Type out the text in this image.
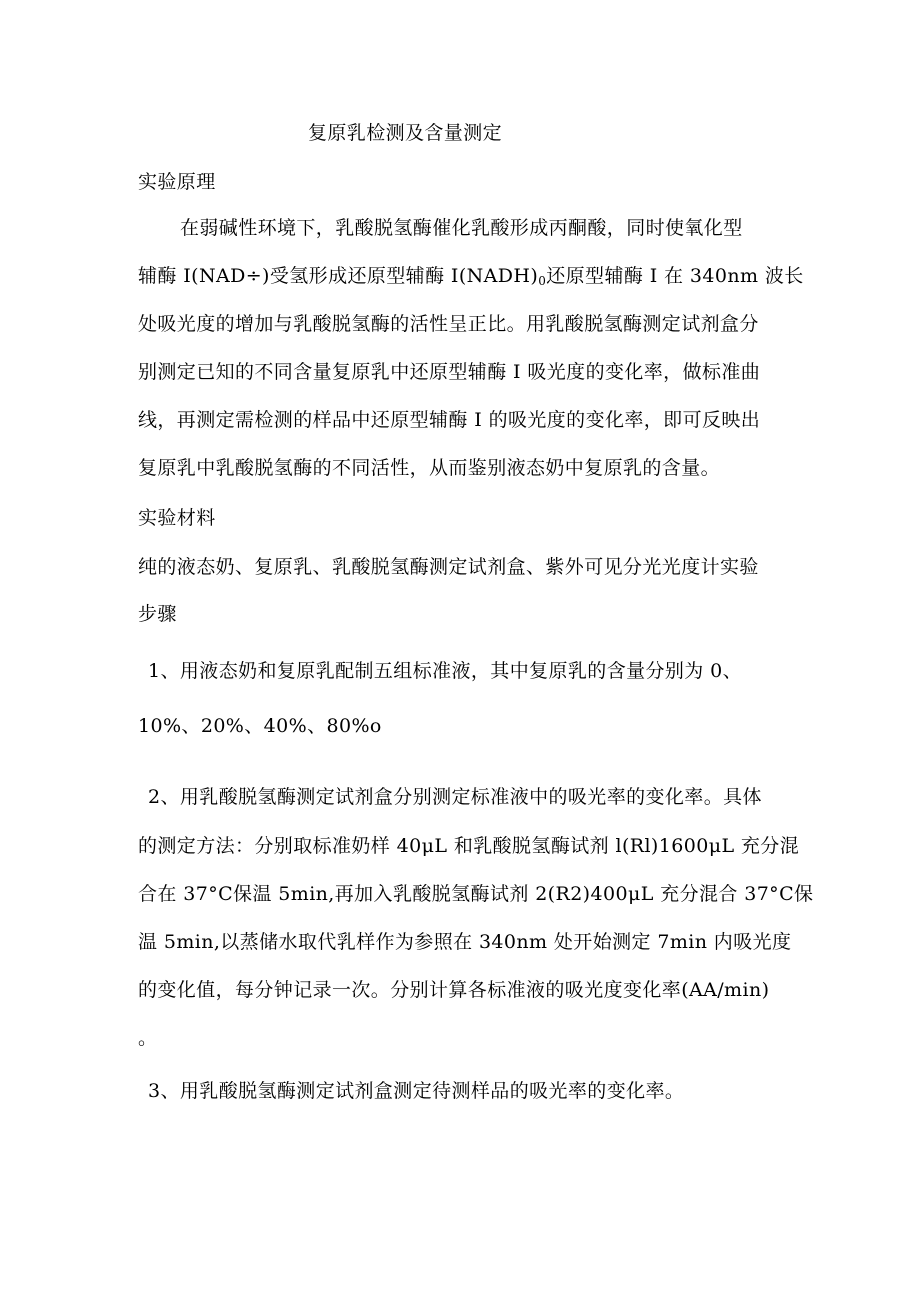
复原乳检测及含量测定
实验原理
在弱碱性环境下，乳酸脱氢酶催化乳酸形成丙酮酸，同时使氧化型
辅酶 I(NAD÷)受氢形成还原型辅酶 $I(NADH)_0$还原型辅酶 I 在 340nm 波长
处吸光度的增加与乳酸脱氢酶的活性呈正比。用乳酸脱氢酶测定试剂盒分
别测定已知的不同含量复原乳中还原型辅酶 I 吸光度的变化率，做标准曲
线，再测定需检测的样品中还原型辅酶 I 的吸光度的变化率，即可反映出
复原乳中乳酸脱氢酶的不同活性，从而鉴别液态奶中复原乳的含量。
实验材料
纯的液态奶、复原乳、乳酸脱氢酶测定试剂盒、紫外可见分光光度计实验
步骤
1、用液态奶和复原乳配制五组标准液，其中复原乳的含量分别为 0、
10%、20%、40%、80%o
2、用乳酸脱氢酶测定试剂盒分别测定标准液中的吸光率的变化率。具体
的测定方法：分别取标准奶样 40μL 和乳酸脱氢酶试剂 l(Rl)1600μL 充分混
合在 37°C保温 5min,再加入乳酸脱氢酶试剂 2(R2)400μL 充分混合 37°C保
温 5min,以蒸储水取代乳样作为参照在 340nm 处开始测定 7min 内吸光度
的变化值，每分钟记录一次。分别计算各标准液的吸光度变化率(AA/min)
。
3、用乳酸脱氢酶测定试剂盒测定待测样品的吸光率的变化率。
